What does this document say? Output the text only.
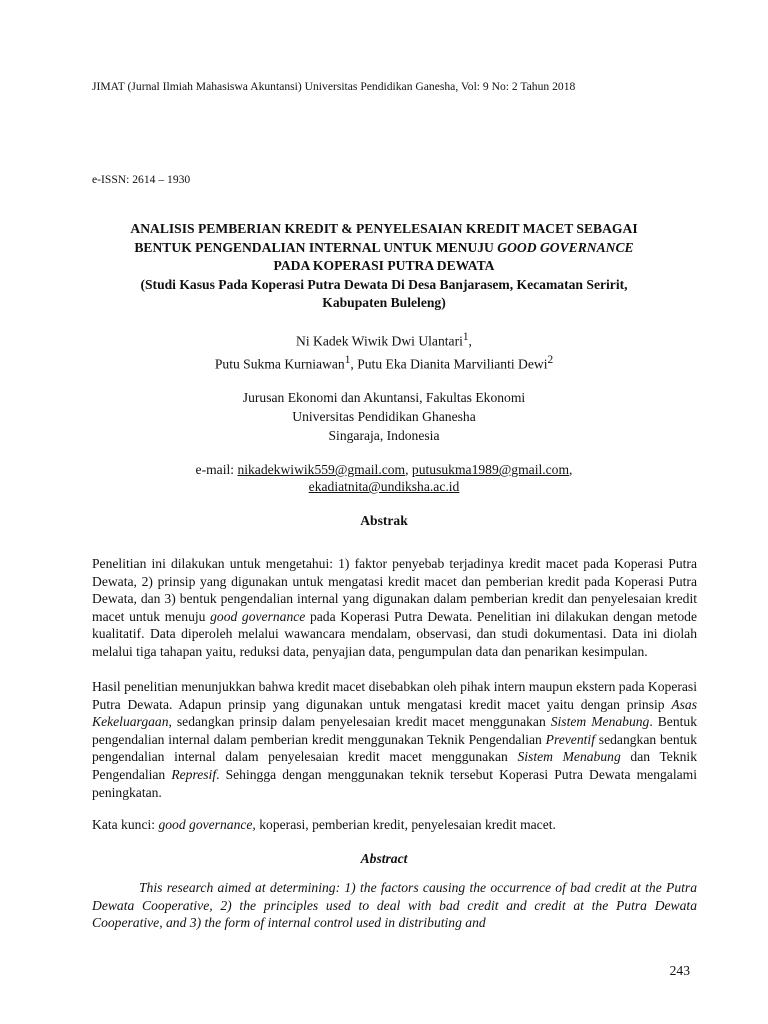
JIMAT (Jurnal Ilmiah Mahasiswa Akuntansi) Universitas Pendidikan Ganesha, Vol: 9 No: 2 Tahun 2018
e-ISSN: 2614 – 1930
ANALISIS PEMBERIAN KREDIT & PENYELESAIAN KREDIT MACET SEBAGAI
BENTUK PENGENDALIAN INTERNAL UNTUK MENUJU GOOD GOVERNANCE
PADA KOPERASI PUTRA DEWATA
(Studi Kasus Pada Koperasi Putra Dewata Di Desa Banjarasem, Kecamatan Seririt,
Kabupaten Buleleng)
Ni Kadek Wiwik Dwi Ulantari$^1$,
Putu Sukma Kurniawan$^1$, Putu Eka Dianita Marvilianti Dewi$^2$
Jurusan Ekonomi dan Akuntansi, Fakultas Ekonomi
Universitas Pendidikan Ghanesha
Singaraja, Indonesia
e-mail: nikadekwiwik559@gmail.com, putusukma1989@gmail.com,
ekadiatnita@undiksha.ac.id
Abstrak
Penelitian ini dilakukan untuk mengetahui: 1) faktor penyebab terjadinya kredit macet pada Koperasi Putra Dewata, 2) prinsip yang digunakan untuk mengatasi kredit macet dan pemberian kredit pada Koperasi Putra Dewata, dan 3) bentuk pengendalian internal yang digunakan dalam pemberian kredit dan penyelesaian kredit macet untuk menuju good governance pada Koperasi Putra Dewata. Penelitian ini dilakukan dengan metode kualitatif. Data diperoleh melalui wawancara mendalam, observasi, dan studi dokumentasi. Data ini diolah melalui tiga tahapan yaitu, reduksi data, penyajian data, pengumpulan data dan penarikan kesimpulan.
Hasil penelitian menunjukkan bahwa kredit macet disebabkan oleh pihak intern maupun ekstern pada Koperasi Putra Dewata. Adapun prinsip yang digunakan untuk mengatasi kredit macet yaitu dengan prinsip Asas Kekeluargaan, sedangkan prinsip dalam penyelesaian kredit macet menggunakan Sistem Menabung. Bentuk pengendalian internal dalam pemberian kredit menggunakan Teknik Pengendalian Preventif sedangkan bentuk pengendalian internal dalam penyelesaian kredit macet menggunakan Sistem Menabung dan Teknik Pengendalian Represif. Sehingga dengan menggunakan teknik tersebut Koperasi Putra Dewata mengalami peningkatan.
Kata kunci: good governance, koperasi, pemberian kredit, penyelesaian kredit macet.
Abstract
This research aimed at determining: 1) the factors causing the occurrence of bad credit at the Putra Dewata Cooperative, 2) the principles used to deal with bad credit and credit at the Putra Dewata Cooperative, and 3) the form of internal control used in distributing and
243
